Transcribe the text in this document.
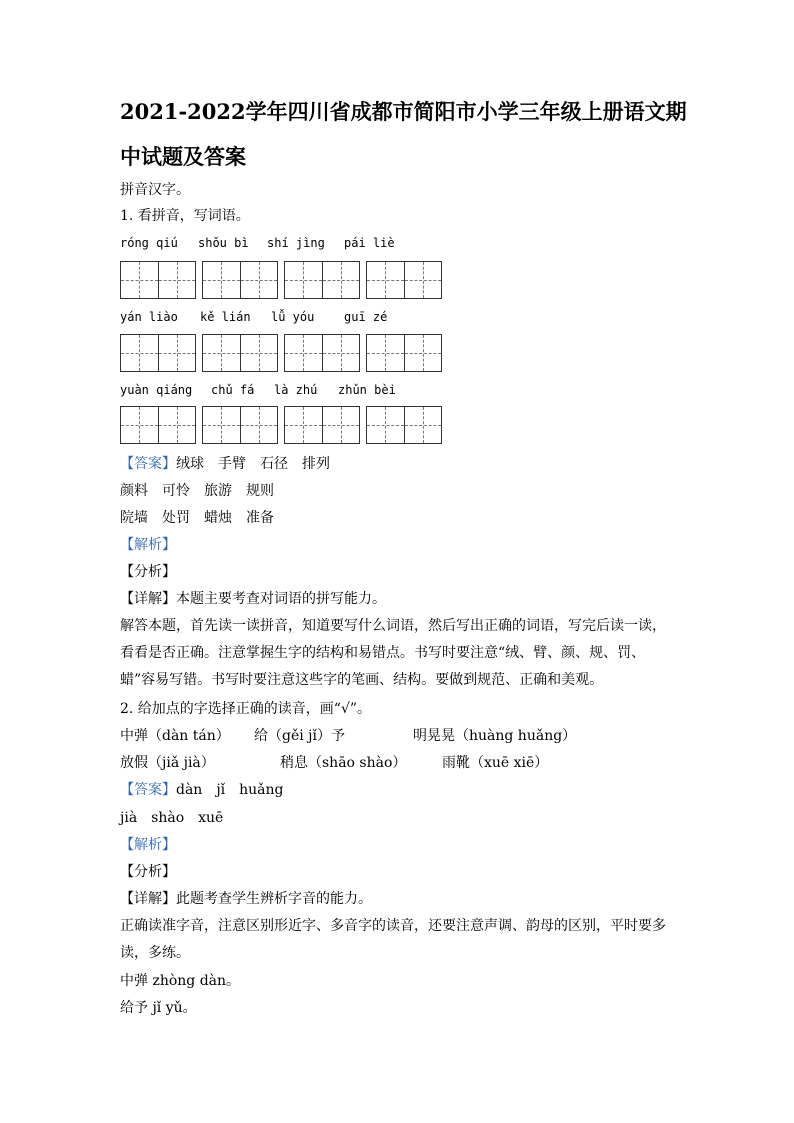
2021-2022学年四川省成都市简阳市小学三年级上册语文期
中试题及答案
拼音汉字。
1. 看拼音，写词语。
róng qiú shǒu bì shí jìng pái liè
yán liào kě lián lǚ yóu guī zé
yuàn qiáng chǔ fá là zhú zhǔn bèi
【答案】绒球　手臂　石径　排列
颜料　可怜　旅游　规则
院墙　处罚　蜡烛　准备
【解析】
【分析】
【详解】本题主要考查对词语的拼写能力。
解答本题，首先读一读拼音，知道要写什么词语，然后写出正确的词语，写完后读一读，看看是否正确。注意掌握生字的结构和易错点。书写时要注意“绒、臂、颜、规、罚、蜡”容易写错。书写时要注意这些字的笔画、结构。要做到规范、正确和美观。
2. 给加点的字选择正确的读音，画“√”。
中弹（dàn tán） 给（gěi jǐ）予	明晃晃（huàng huǎng）
放假（jiǎ jià）	稍息（shāo shào）	雨靴（xuē xiē）
【答案】dàn　jǐ　huǎng
jià　shào　xuē
【解析】
【分析】
【详解】此题考查学生辨析字音的能力。
正确读准字音，注意区别形近字、多音字的读音，还要注意声调、韵母的区别，平时要多读，多练。
中弹 zhòng dàn。
给予 jǐ yǔ。
